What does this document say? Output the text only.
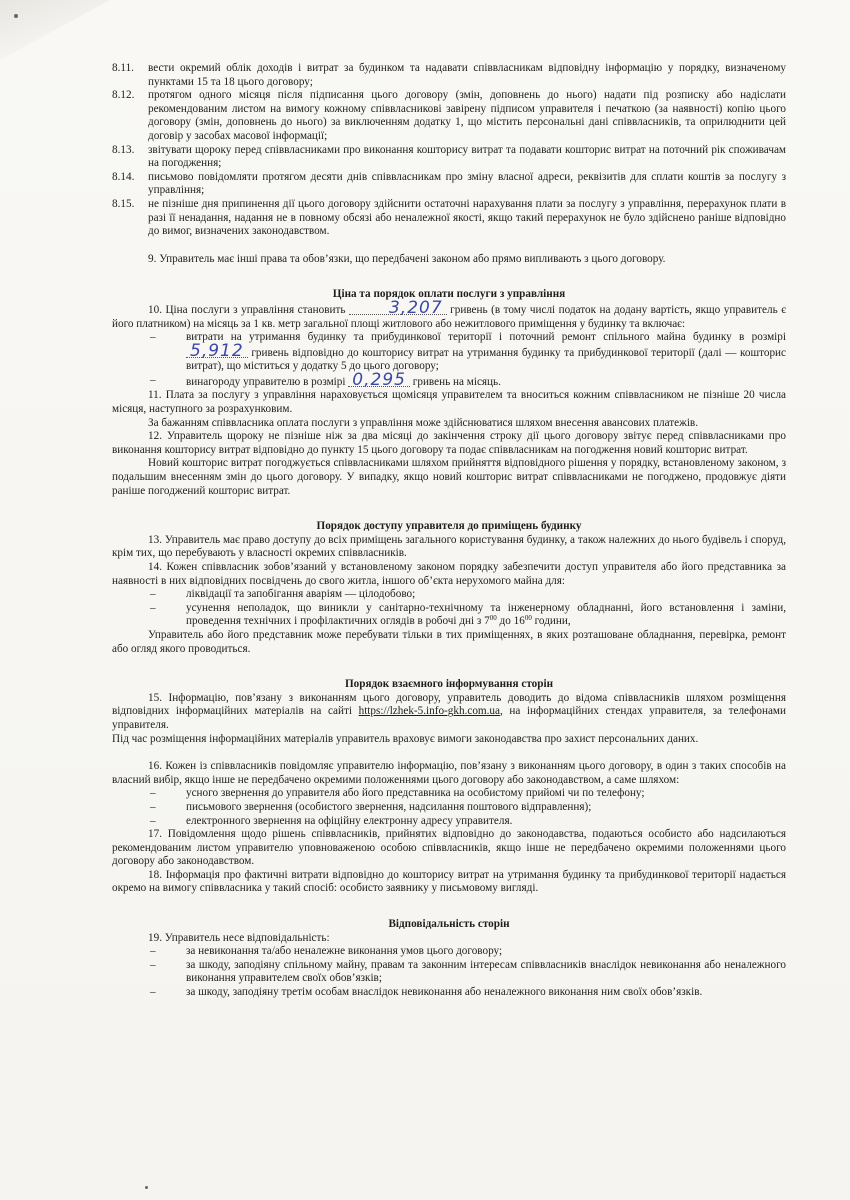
8.11.	вести окремий облік доходів і витрат за будинком та надавати співвласникам відповідну інформацію у порядку, визначеному пунктами 15 та 18 цього договору;
8.12.	протягом одного місяця після підписання цього договору (змін, доповнень до нього) надати під розписку або надіслати рекомендованим листом на вимогу кожному співвласникові завірену підписом управителя і печаткою (за наявності) копію цього договору (змін, доповнень до нього) за виключенням додатку 1, що містить персональні дані співвласників, та оприлюднити цей договір у засобах масової інформації;
8.13.	звітувати щороку перед співвласниками про виконання кошторису витрат та подавати кошторис витрат на поточний рік споживачам на погодження;
8.14.	письмово повідомляти протягом десяти днів співвласникам про зміну власної адреси, реквізитів для сплати коштів за послугу з управління;
8.15.	не пізніше дня припинення дії цього договору здійснити остаточні нарахування плати за послугу з управління, перерахунок плати в разі її ненадання, надання не в повному обсязі або неналежної якості, якщо такий перерахунок не було здійснено раніше відповідно до вимог, визначених законодавством.

9. Управитель має інші права та обов’язки, що передбачені законом або прямо випливають з цього договору.

Ціна та порядок оплати послуги з управління

10. Ціна послуги з управління становить	3,207 гривень (в тому числі податок на додану вартість, якщо управитель є його платником) на місяць за 1 кв. метр загальної площі житлового або нежитлового приміщення у будинку та включає:

–	витрати на утримання будинку та прибудинкової території і поточний ремонт спільного майна будинку в розмірі 5,912 гривень відповідно до кошторису витрат на утримання будинку та прибудинкової території (далі — кошторис витрат), що міститься у додатку 5 до цього договору;
–	винагороду управителю в розмірі 0,295 гривень на місяць.

11. Плата за послугу з управління нараховується щомісяця управителем та вноситься кожним співвласником не пізніше 20 числа місяця, наступного за розрахунковим.

За бажанням співвласника оплата послуги з управління може здійснюватися шляхом внесення авансових платежів.

12. Управитель щороку не пізніше ніж за два місяці до закінчення строку дії цього договору звітує перед співвласниками про виконання кошторису витрат відповідно до пункту 15 цього договору та подає співвласникам на погодження новий кошторис витрат.

Новий кошторис витрат погоджується співвласниками шляхом прийняття відповідного рішення у порядку, встановленому законом, з подальшим внесенням змін до цього договору. У випадку, якщо новий кошторис витрат співвласниками не погоджено, продовжує діяти раніше погоджений кошторис витрат.

Порядок доступу управителя до приміщень будинку

13. Управитель має право доступу до всіх приміщень загального користування будинку, а також належних до нього будівель і споруд, крім тих, що перебувають у власності окремих співвласників.

14. Кожен співвласник зобов’язаний у встановленому законом порядку забезпечити доступ управителя або його представника за наявності в них відповідних посвідчень до свого житла, іншого об’єкта нерухомого майна для:

–	ліквідації та запобігання аваріям — цілодобово;
–	усунення неполадок, що виникли у санітарно-технічному та інженерному обладнанні, його встановлення і заміни, проведення технічних і профілактичних оглядів в робочі дні з $7^{00}$ до $16^{00}$ години,

Управитель або його представник може перебувати тільки в тих приміщеннях, в яких розташоване обладнання, перевірка, ремонт або огляд якого проводиться.

Порядок взаємного інформування сторін

15. Інформацію, пов’язану з виконанням цього договору, управитель доводить до відома співвласників шляхом розміщення відповідних інформаційних матеріалів на сайті https://lzhek-5.info-gkh.com.ua, на інформаційних стендах управителя, за телефонами управителя.

Під час розміщення інформаційних матеріалів управитель враховує вимоги законодавства про захист персональних даних.

16. Кожен із співвласників повідомляє управителю інформацію, пов’язану з виконанням цього договору, в один з таких способів на власний вибір, якщо інше не передбачено окремими положеннями цього договору або законодавством, а саме шляхом:

–	усного звернення до управителя або його представника на особистому прийомі чи по телефону;
–	письмового звернення (особистого звернення, надсилання поштового відправлення);
–	електронного звернення на офіційну електронну адресу управителя.

17. Повідомлення щодо рішень співвласників, прийнятих відповідно до законодавства, подаються особисто або надсилаються рекомендованим листом управителю уповноваженою особою співвласників, якщо інше не передбачено окремими положеннями цього договору або законодавством.

18. Інформація про фактичні витрати відповідно до кошторису витрат на утримання будинку та прибудинкової території надається окремо на вимогу співвласника у такий спосіб: особисто заявнику у письмовому вигляді.

Відповідальність сторін

19. Управитель несе відповідальність:

–	за невиконання та/або неналежне виконання умов цього договору;
–	за шкоду, заподіяну спільному майну, правам та законним інтересам співвласників внаслідок невиконання або неналежного виконання управителем своїх обов’язків;
–	за шкоду, заподіяну третім особам внаслідок невиконання або неналежного виконання ним своїх обов’язків.
